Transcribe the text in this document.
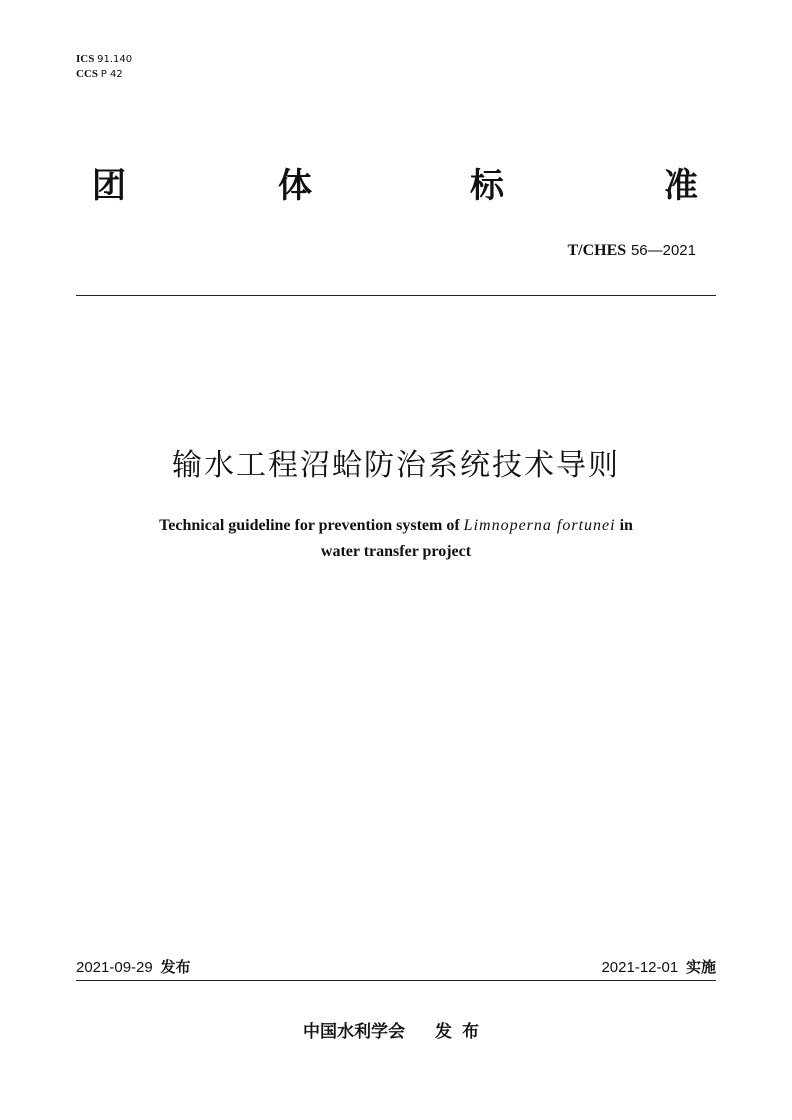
ICS 91.140
CCS P 42
团	体	标	准
T/CHES 56—2021
输水工程沼蛤防治系统技术导则
Technical guideline for prevention system of Limnoperna fortunei in
water transfer project
2021-09-29 发布	2021-12-01 实施
中国水利学会 发布
